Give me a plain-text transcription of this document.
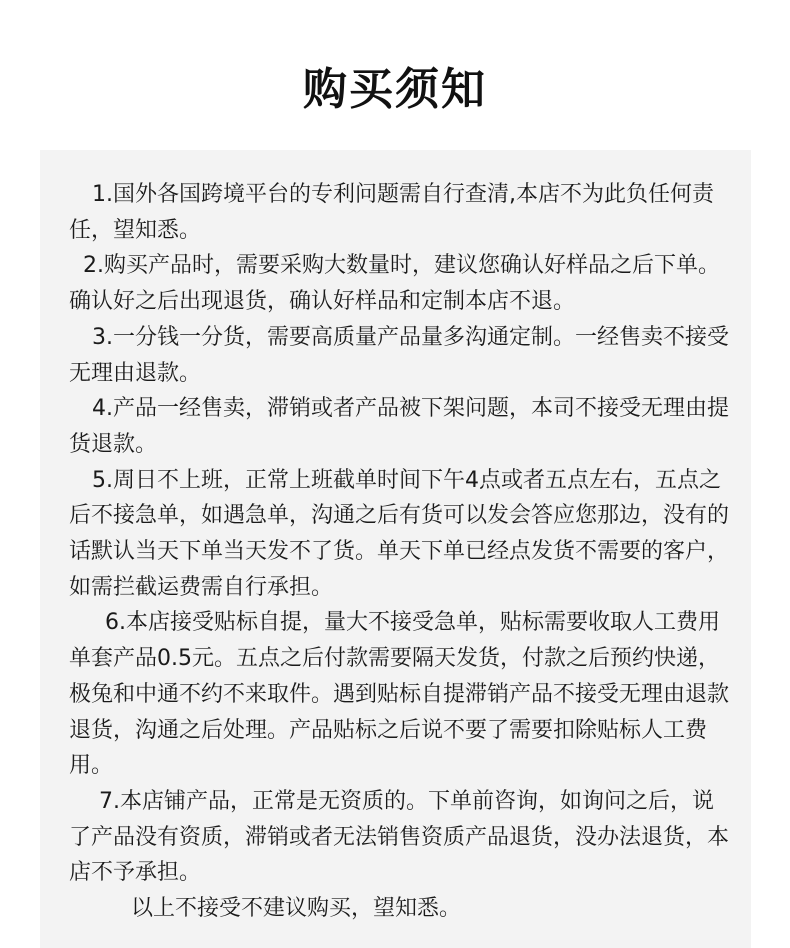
购买须知

1.国外各国跨境平台的专利问题需自行查清,本店不为此负任何责任，望知悉。

2.购买产品时，需要采购大数量时，建议您确认好样品之后下单。确认好之后出现退货，确认好样品和定制本店不退。

3.一分钱一分货，需要高质量产品量多沟通定制。一经售卖不接受无理由退款。

4.产品一经售卖，滞销或者产品被下架问题，本司不接受无理由提货退款。

5.周日不上班，正常上班截单时间下午4点或者五点左右，五点之后不接急单，如遇急单，沟通之后有货可以发会答应您那边，没有的话默认当天下单当天发不了货。单天下单已经点发货不需要的客户，如需拦截运费需自行承担。

6.本店接受贴标自提，量大不接受急单，贴标需要收取人工费用单套产品0.5元。五点之后付款需要隔天发货，付款之后预约快递，极兔和中通不约不来取件。遇到贴标自提滞销产品不接受无理由退款退货，沟通之后处理。产品贴标之后说不要了需要扣除贴标人工费用。

7.本店铺产品，正常是无资质的。下单前咨询，如询问之后，说了产品没有资质，滞销或者无法销售资质产品退货，没办法退货，本店不予承担。

以上不接受不建议购买，望知悉。
